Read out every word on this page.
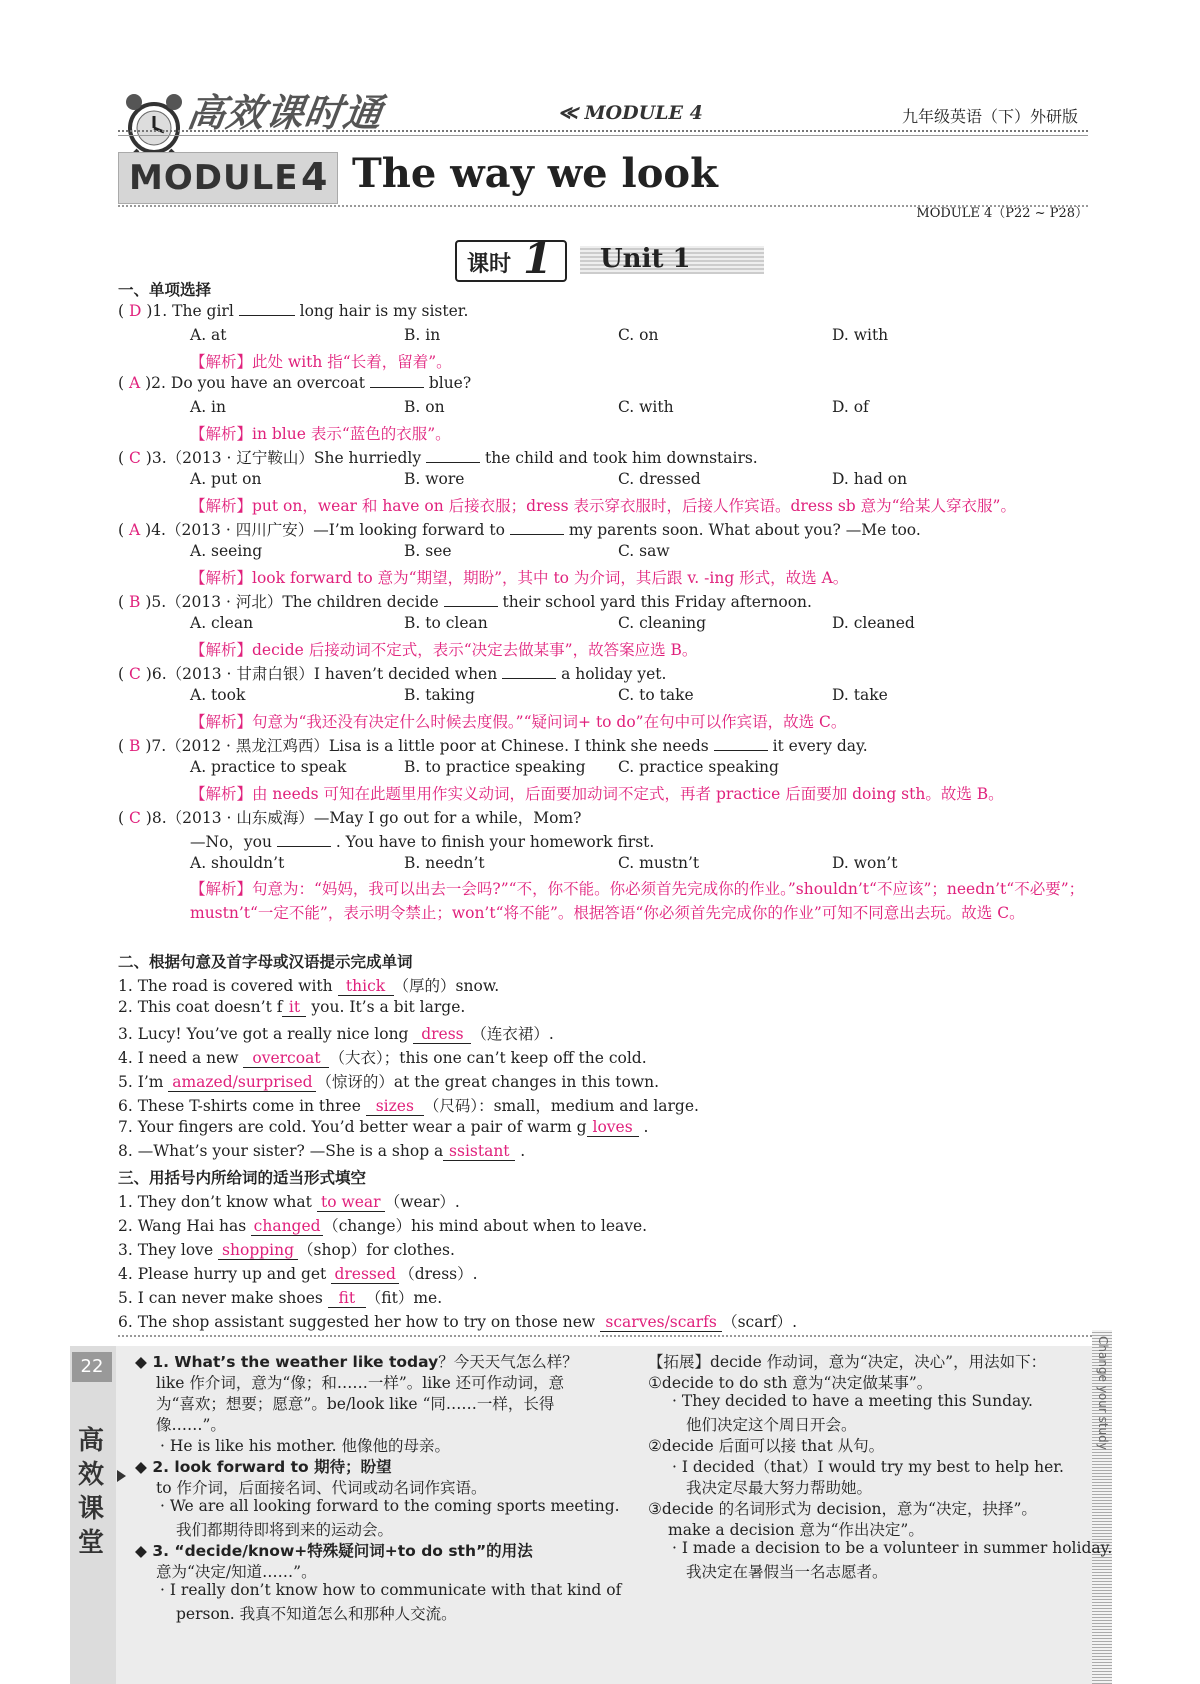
高效课时通	≪ MODULE 4	九年级英语（下）外研版
MODULE 4 The way we look
MODULE 4（P22 ~ P28）
课时 1 Unit 1
一、单项选择
( D )1. The girl	long hair is my sister.
A. at	B. in	C. on	D. with
【解析】此处 with 指“长着，留着”。
( A )2. Do you have an overcoat	blue?
A. in	B. on	C. with	D. of
【解析】in blue 表示“蓝色的衣服”。
( C )3.（2013 · 辽宁鞍山）She hurriedly	the child and took him downstairs.
A. put on	B. wore	C. dressed	D. had on
【解析】put on，wear 和 have on 后接衣服；dress 表示穿衣服时，后接人作宾语。dress sb 意为“给某人穿衣服”。
( A )4.（2013 · 四川广安）—I’m looking forward to	my parents soon. What about you? —Me too.
A. seeing	B. see	C. saw
【解析】look forward to 意为“期望，期盼”，其中 to 为介词，其后跟 v. -ing 形式，故选 A。
( B )5.（2013 · 河北）The children decide	their school yard this Friday afternoon.
A. clean	B. to clean	C. cleaning	D. cleaned
【解析】decide 后接动词不定式，表示“决定去做某事”，故答案应选 B。
( C )6.（2013 · 甘肃白银）I haven’t decided when	a holiday yet.
A. took	B. taking	C. to take	D. take
【解析】句意为“我还没有决定什么时候去度假。”“疑问词+ to do”在句中可以作宾语，故选 C。
( B )7.（2012 · 黑龙江鸡西）Lisa is a little poor at Chinese. I think she needs	it every day.
A. practice to speak	B. to practice speaking C. practice speaking
【解析】由 needs 可知在此题里用作实义动词，后面要加动词不定式，再者 practice 后面要加 doing sth。故选 B。
( C )8.（2013 · 山东威海）—May I go out for a while，Mom?
—No，you	. You have to finish your homework first.
A. shouldn’t	B. needn’t	C. mustn’t	D. won’t
【解析】句意为：“妈妈，我可以出去一会吗?”“不，你不能。你必须首先完成你的作业。”shouldn’t“不应该”；needn’t“不必要”；mustn’t“一定不能”，表示明令禁止；won’t“将不能”。根据答语“你必须首先完成你的作业”可知不同意出去玩。故选 C。
二、根据句意及首字母或汉语提示完成单词
1. The road is covered with thick （厚的）snow.
2. This coat doesn’t f it you. It’s a bit large.
3. Lucy! You’ve got a really nice long dress （连衣裙）.
4. I need a new overcoat （大衣）；this one can’t keep off the cold.
5. I’m amazed/surprised （惊讶的）at the great changes in this town.
6. These T-shirts come in three sizes （尺码）：small，medium and large.
7. Your fingers are cold. You’d better wear a pair of warm g loves .
8. —What’s your sister? —She is a shop a ssistant .
三、用括号内所给词的适当形式填空
1. They don’t know what to wear （wear）.
2. Wang Hai has changed （change）his mind about when to leave.
3. They love shopping （shop）for clothes.
4. Please hurry up and get dressed （dress）.
5. I can never make shoes fit （fit）me.
6. The shop assistant suggested her how to try on those new scarves/scarfs （scarf）.
22
高
效
课
堂
Change your study
◆ 1. What’s the weather like today？今天天气怎么样？
like 作介词，意为“像；和……一样”。like 还可作动词，意
为“喜欢；想要；愿意”。be/look like “同……一样，长得
像……”。
· He is like his mother. 他像他的母亲。
◆ 2. look forward to 期待；盼望
to 作介词，后面接名词、代词或动名词作宾语。
· We are all looking forward to the coming sports meeting.
我们都期待即将到来的运动会。
◆ 3. “decide/know+特殊疑问词+to do sth”的用法
意为“决定/知道……”。
· I really don’t know how to communicate with that kind of
person. 我真不知道怎么和那种人交流。
【拓展】decide 作动词，意为“决定，决心”，用法如下：
①decide to do sth 意为“决定做某事”。
· They decided to have a meeting this Sunday.
他们决定这个周日开会。
②decide 后面可以接 that 从句。
· I decided（that）I would try my best to help her.
我决定尽最大努力帮助她。
③decide 的名词形式为 decision，意为“决定，抉择”。
make a decision 意为“作出决定”。
· I made a decision to be a volunteer in summer holiday.
我决定在暑假当一名志愿者。
